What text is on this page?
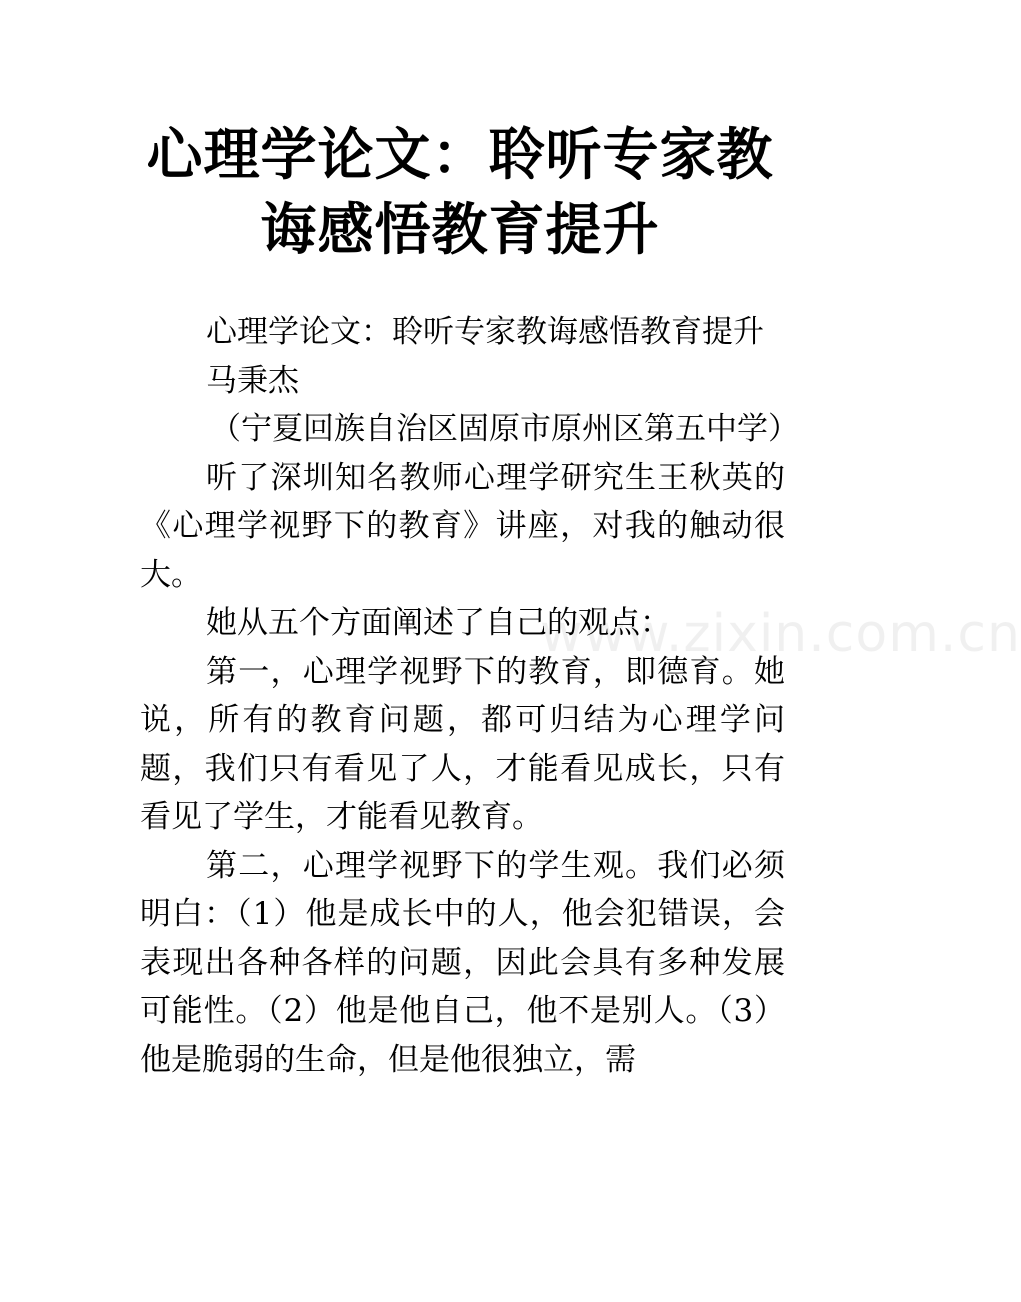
心理学论文：聆听专家教
诲感悟教育提升

心理学论文：聆听专家教诲感悟教育提升

马秉杰

（宁夏回族自治区固原市原州区第五中学）

听了深圳知名教师心理学研究生王秋英的《心理学视野下的教育》讲座，对我的触动很大。

她从五个方面阐述了自己的观点：

第一，心理学视野下的教育，即德育。她说，所有的教育问题，都可归结为心理学问题，我们只有看见了人，才能看见成长，只有看见了学生，才能看见教育。

第二，心理学视野下的学生观。我们必须明白：（1）他是成长中的人，他会犯错误，会表现出各种各样的问题，因此会具有多种发展可能性。（2）他是他自己，他不是别人。（3）他是脆弱的生命，但是他很独立，需

www.zixin.com.cn
